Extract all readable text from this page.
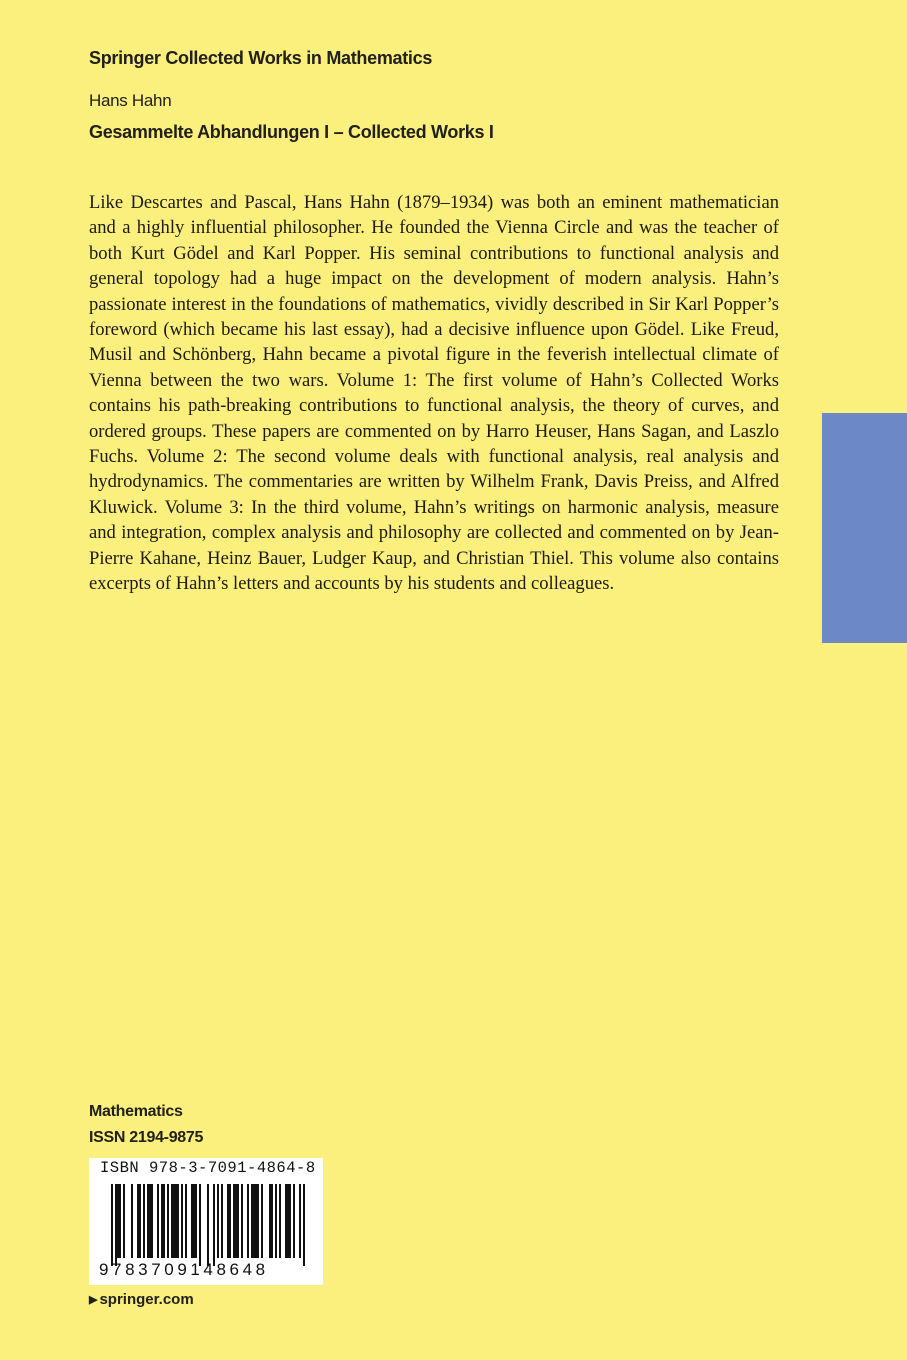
Springer Collected Works in Mathematics
Hans Hahn
Gesammelte Abhandlungen I – Collected Works I

Like Descartes and Pascal, Hans Hahn (1879–1934) was both an eminent mathematician and a highly influential philosopher. He founded the Vienna Circle and was the teacher of both Kurt Gödel and Karl Popper. His seminal contributions to functional analysis and general topology had a huge impact on the development of modern analysis. Hahn’s passionate interest in the foundations of mathematics, vividly described in Sir Karl Popper’s foreword (which became his last essay), had a decisive influence upon Gödel. Like Freud, Musil and Schönberg, Hahn became a pivotal figure in the feverish intellectual climate of Vienna between the two wars. Volume 1: The first volume of Hahn’s Collected Works contains his path-breaking contributions to functional analysis, the theory of curves, and ordered groups. These papers are commented on by Harro Heuser, Hans Sagan, and Laszlo Fuchs. Volume 2: The second volume deals with functional analysis, real analysis and hydrodynamics. The commentaries are written by Wilhelm Frank, Davis Preiss, and Alfred Kluwick. Volume 3: In the third volume, Hahn’s writings on harmonic analysis, measure and integration, complex analysis and philosophy are collected and commented on by Jean-Pierre Kahane, Heinz Bauer, Ludger Kaup, and Christian Thiel. This volume also contains excerpts of Hahn’s letters and accounts by his students and colleagues.

Mathematics
ISSN 2194-9875
ISBN 978-3-7091-4864-8
9783709148648
▶ springer.com
